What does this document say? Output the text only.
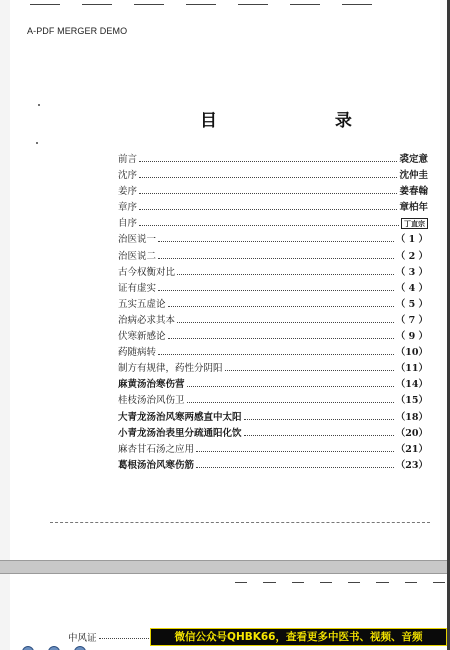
A-PDF MERGER DEMO
目 录
前言	裘定意
沈序	沈仲圭
姜序	姜春翰
章序	章柏年
自序	丁直宗
治医说一	（ 1 ）
治医说二	（ 2 ）
古今权衡对比	（ 3 ）
证有虚实	（ 4 ）
五实五虚论	（ 5 ）
治病必求其本	（ 7 ）
伏寒新感论	（ 9 ）
药随病转	（10）
制方有规律，药性分阴阳	（11）
麻黄汤治寒伤营	（14）
桂枝汤治风伤卫	（15）
大青龙汤治风寒两感直中太阳	（18）
小青龙汤治表里分疏通阳化饮	（20）
麻杏甘石汤之应用	（21）
葛根汤治风寒伤筋	（23）
中风证	微信公众号QHBK66，查看更多中医书、视频、音频
